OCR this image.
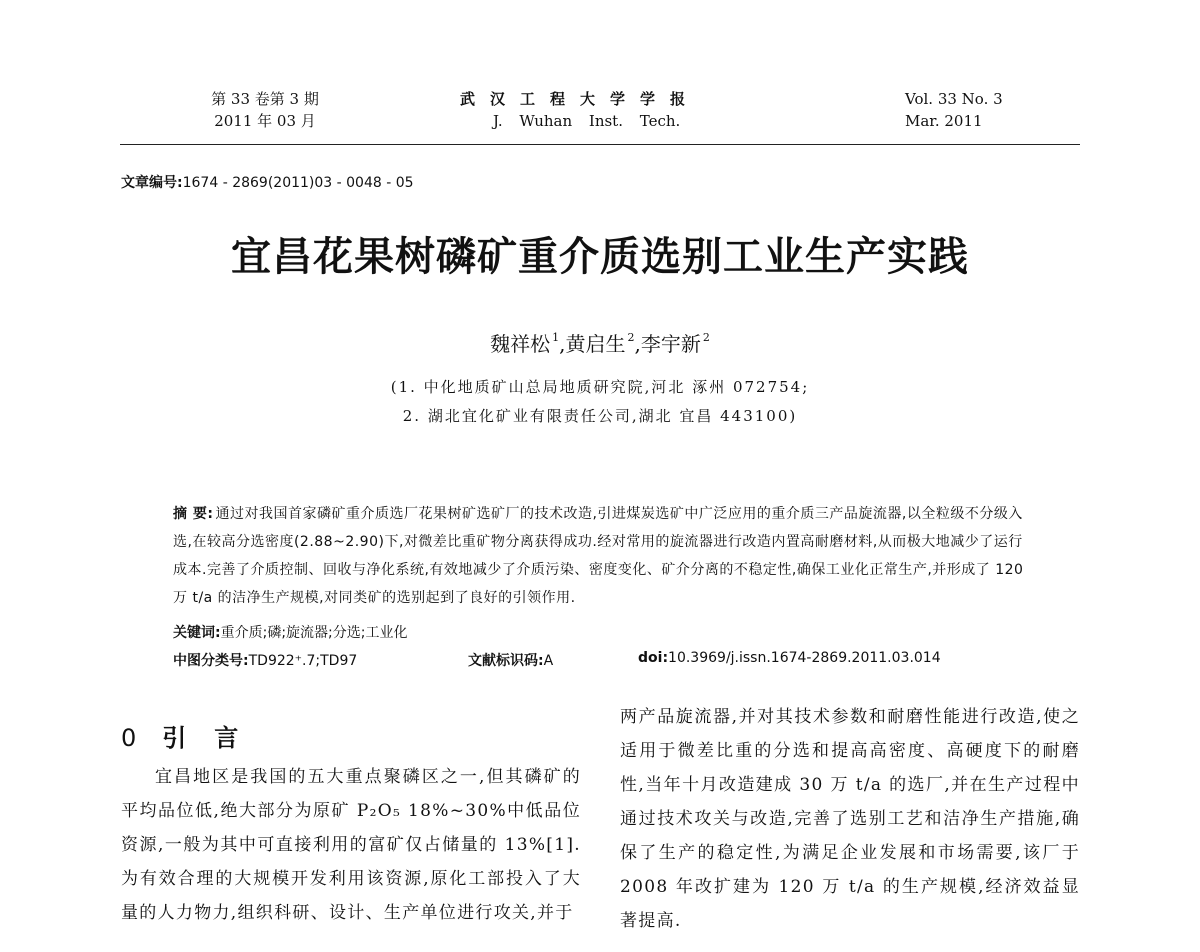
第 33 卷第 3 期
2011 年 03 月
武汉工程大学学报
J. Wuhan Inst. Tech.
Vol. 33 No. 3
Mar. 2011
文章编号:1674 - 2869(2011)03 - 0048 - 05
宜昌花果树磷矿重介质选别工业生产实践
魏祥松 $^1$,黄启生 $^2$,李宇新 $^2$
(1. 中化地质矿山总局地质研究院,河北 涿州 072754;
2. 湖北宜化矿业有限责任公司,湖北 宜昌 443100)
摘 要: 通过对我国首家磷矿重介质选厂花果树矿选矿厂的技术改造,引进煤炭选矿中广泛应用的重介质三产品旋流器,以全粒级不分级入选,在较高分选密度(2.88~2.90)下,对微差比重矿物分离获得成功.经对常用的旋流器进行改造内置高耐磨材料,从而极大地减少了运行成本.完善了介质控制、回收与净化系统,有效地减少了介质污染、密度变化、矿介分离的不稳定性,确保工业化正常生产,并形成了 120 万 t/a 的洁净生产规模,对同类矿的选别起到了良好的引领作用.
关键词:重介质;磷;旋流器;分选;工业化
中图分类号:TD922⁺.7;TD97	文献标识码:A	doi:10.3969/j.issn.1674-2869.2011.03.014
0 引言
宜昌地区是我国的五大重点聚磷区之一,但其磷矿的平均品位低,绝大部分为原矿 P₂O₅ 18%~30%中低品位资源,一般为其中可直接利用的富矿仅占储量的 13%[1].为有效合理的大规模开发利用该资源,原化工部投入了大量的人力物力,组织科研、设计、生产单位进行攻关,并于
两产品旋流器,并对其技术参数和耐磨性能进行改造,使之适用于微差比重的分选和提高高密度、高硬度下的耐磨性,当年十月改造建成 30 万 t/a 的选厂,并在生产过程中通过技术攻关与改造,完善了选别工艺和洁净生产措施,确保了生产的稳定性,为满足企业发展和市场需要,该厂于 2008 年改扩建为 120 万 t/a 的生产规模,经济效益显著提高.
